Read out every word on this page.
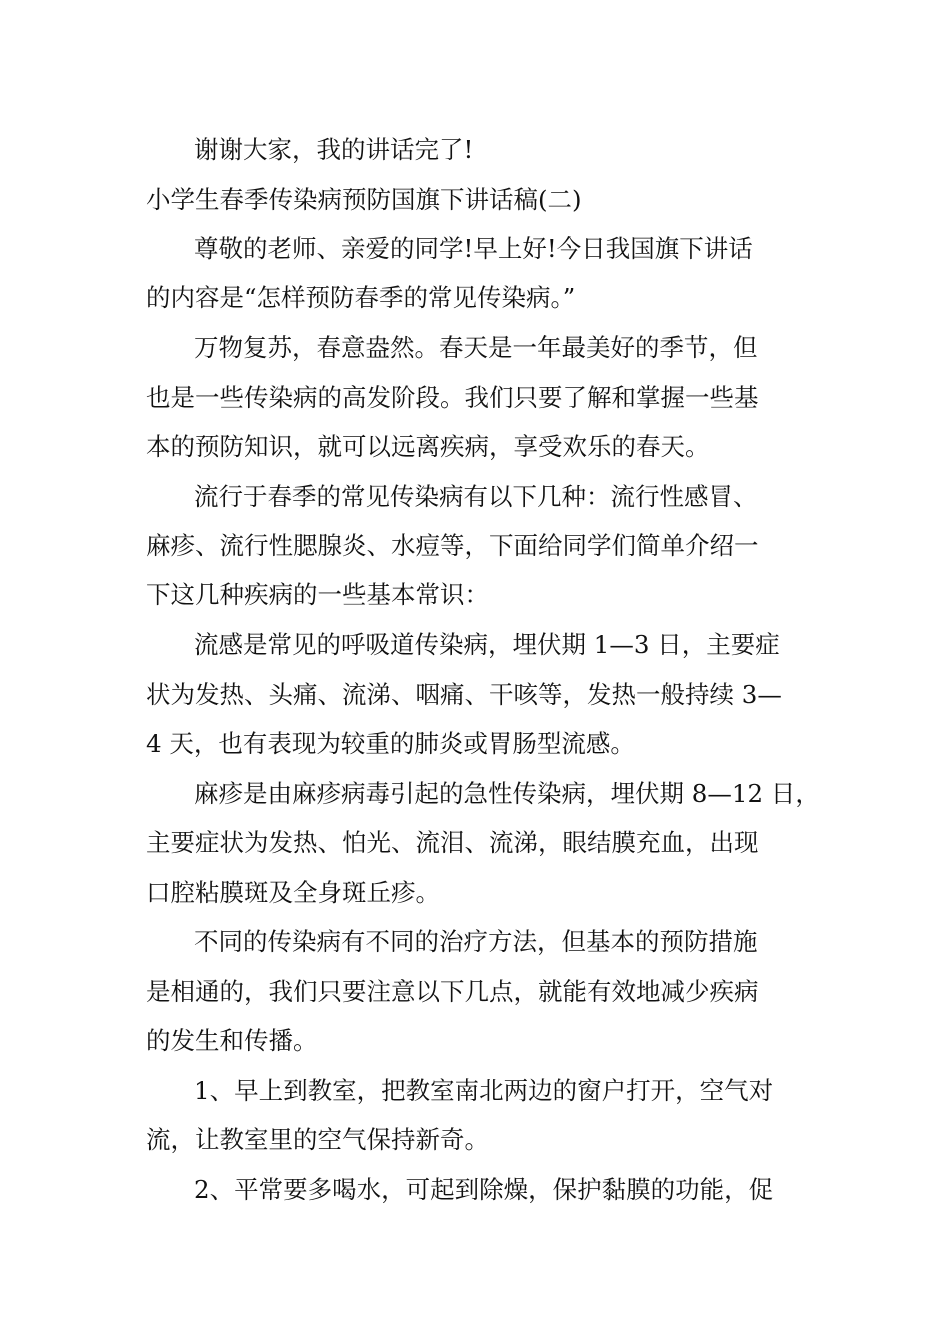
谢谢大家，我的讲话完了!
小学生春季传染病预防国旗下讲话稿(二)
尊敬的老师、亲爱的同学!早上好!今日我国旗下讲话
的内容是“怎样预防春季的常见传染病。”
万物复苏，春意盎然。春天是一年最美好的季节，但
也是一些传染病的高发阶段。我们只要了解和掌握一些基
本的预防知识，就可以远离疾病，享受欢乐的春天。
流行于春季的常见传染病有以下几种：流行性感冒、
麻疹、流行性腮腺炎、水痘等，下面给同学们简单介绍一
下这几种疾病的一些基本常识：
流感是常见的呼吸道传染病，埋伏期 1—3 日，主要症
状为发热、头痛、流涕、咽痛、干咳等，发热一般持续 3—
4 天，也有表现为较重的肺炎或胃肠型流感。
麻疹是由麻疹病毒引起的急性传染病，埋伏期 8—12 日，
主要症状为发热、怕光、流泪、流涕，眼结膜充血，出现
口腔粘膜斑及全身斑丘疹。
不同的传染病有不同的治疗方法，但基本的预防措施
是相通的，我们只要注意以下几点，就能有效地减少疾病
的发生和传播。
1、早上到教室，把教室南北两边的窗户打开，空气对
流，让教室里的空气保持新奇。
2、平常要多喝水，可起到除燥，保护黏膜的功能，促
